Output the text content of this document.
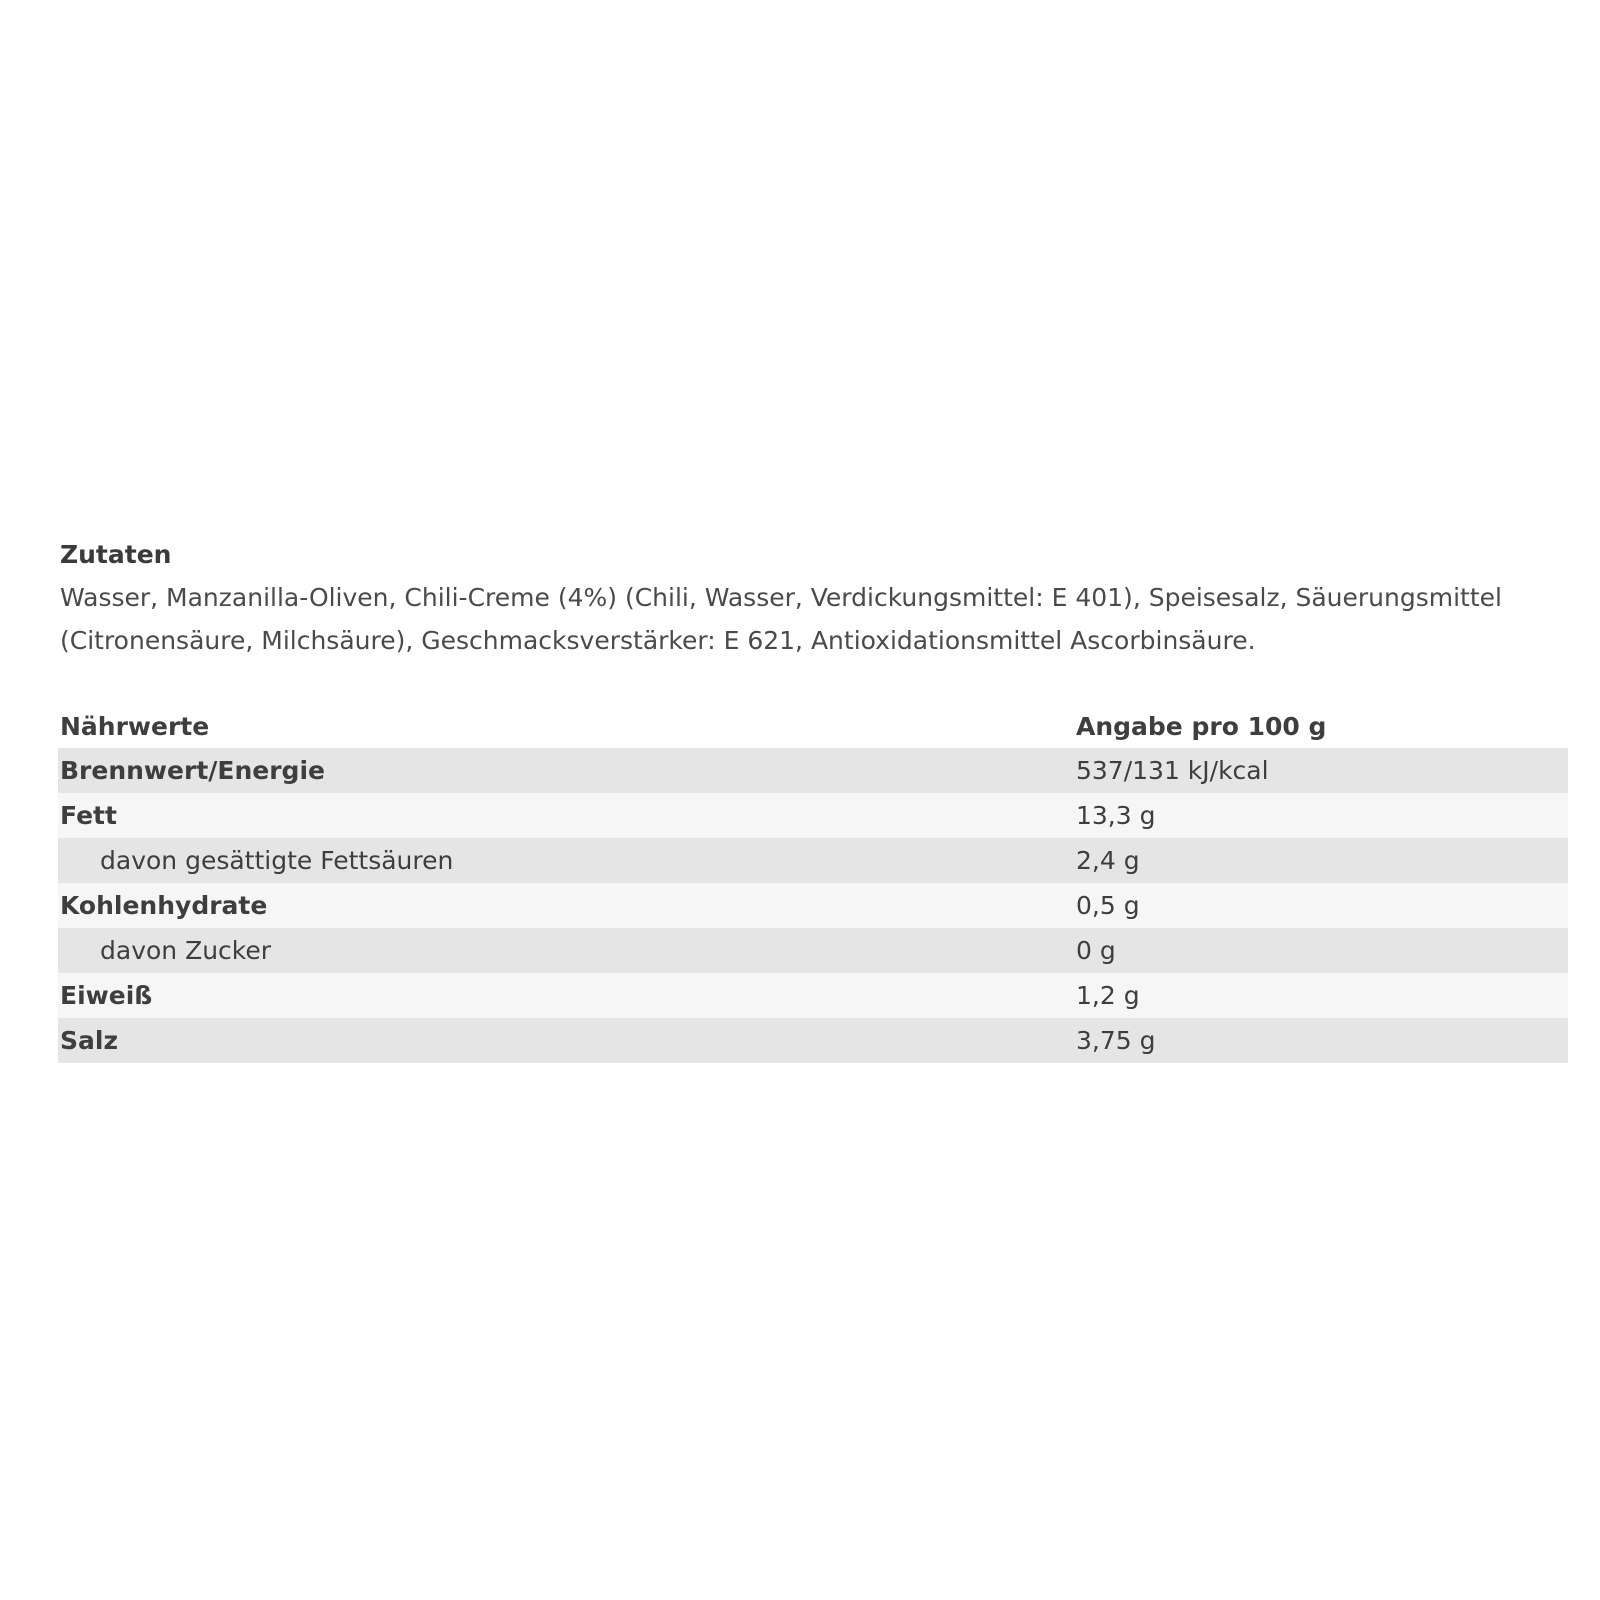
Zutaten

Wasser, Manzanilla-Oliven, Chili-Creme (4%) (Chili, Wasser, Verdickungsmittel: E 401), Speisesalz, Säuerungsmittel (Citronensäure, Milchsäure), Geschmacksverstärker: E 621, Antioxidationsmittel Ascorbinsäure.

Nährwerte	Angabe pro 100 g
Brennwert/Energie	537/131 kJ/kcal
Fett	13,3 g
davon gesättigte Fettsäuren	2,4 g
Kohlenhydrate	0,5 g
davon Zucker	0 g
Eiweiß	1,2 g
Salz	3,75 g
